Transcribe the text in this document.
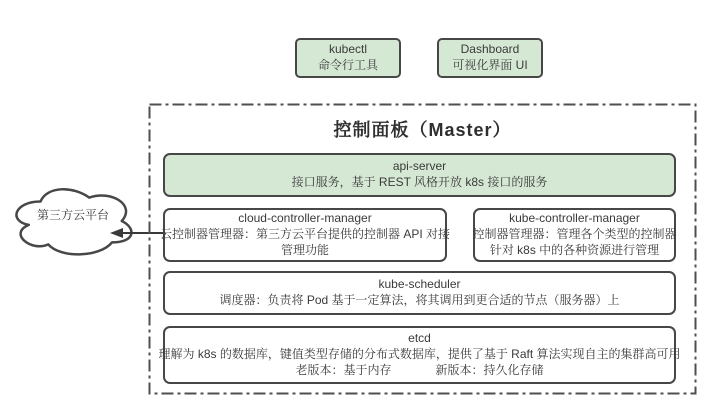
kubectl
命令行工具
Dashboard
可视化界面 UI
第三方云平台
控制面板（Master）
api-server
接口服务，基于 REST 风格开放 k8s 接口的服务
cloud-controller-manager
云控制器管理器：第三方云平台提供的控制器 API 对接
管理功能
kube-controller-manager
控制器管理器：管理各个类型的控制器
针对 k8s 中的各种资源进行管理
kube-scheduler
调度器：负责将 Pod 基于一定算法，将其调用到更合适的节点（服务器）上
etcd
理解为 k8s 的数据库，键值类型存储的分布式数据库，提供了基于 Raft 算法实现自主的集群高可用
老版本：基于内存	新版本：持久化存储
